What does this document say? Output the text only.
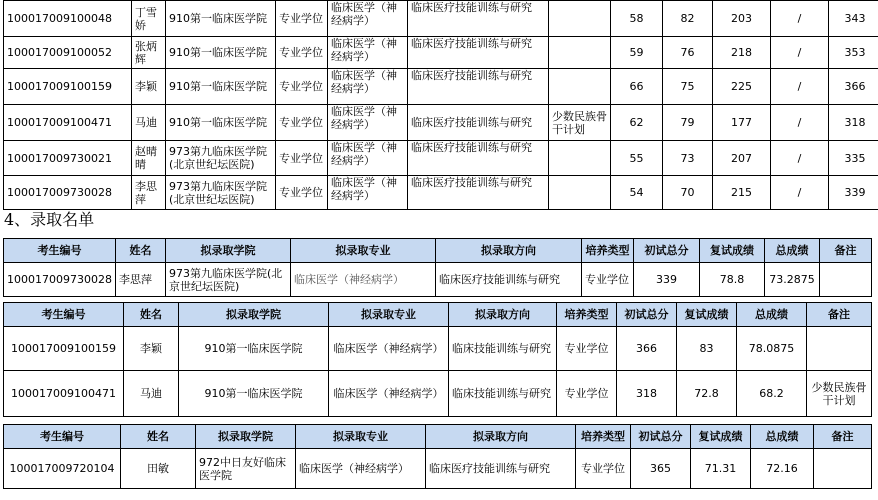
100017009100048	丁雪娇	910第一临床医学院	专业学位	临床医学（神经病学）	临床医疗技能训练与研究		58	82	203	/	343
100017009100052	张炳辉	910第一临床医学院	专业学位	临床医学（神经病学）	临床医疗技能训练与研究		59	76	218	/	353
100017009100159	李颖	910第一临床医学院	专业学位	临床医学（神经病学）	临床医疗技能训练与研究		66	75	225	/	366
100017009100471	马迪	910第一临床医学院	专业学位	临床医学（神经病学）	临床医疗技能训练与研究	少数民族骨干计划	62	79	177	/	318
100017009730021	赵晴晴	973第九临床医学院(北京世纪坛医院)	专业学位	临床医学（神经病学）	临床医疗技能训练与研究		55	73	207	/	335
100017009730028	李思萍	973第九临床医学院(北京世纪坛医院)	专业学位	临床医学（神经病学）	临床医疗技能训练与研究		54	70	215	/	339
4、录取名单
考生编号	姓名	拟录取学院	拟录取专业	拟录取方向	培养类型	初试总分	复试成绩	总成绩	备注
100017009730028	李思萍	973第九临床医学院(北京世纪坛医院)	临床医学（神经病学）	临床医疗技能训练与研究	专业学位	339	78.8	73.2875	
考生编号	姓名	拟录取学院	拟录取专业	拟录取方向	培养类型	初试总分	复试成绩	总成绩	备注
100017009100159	李颖	910第一临床医学院	临床医学（神经病学）	临床技能训练与研究	专业学位	366	83	78.0875	
100017009100471	马迪	910第一临床医学院	临床医学（神经病学）	临床技能训练与研究	专业学位	318	72.8	68.2	少数民族骨干计划
考生编号	姓名	拟录取学院	拟录取专业	拟录取方向	培养类型	初试总分	复试成绩	总成绩	备注
100017009720104	田敏	972中日友好临床医学院	临床医学（神经病学）	临床医疗技能训练与研究	专业学位	365	71.31	72.16	
